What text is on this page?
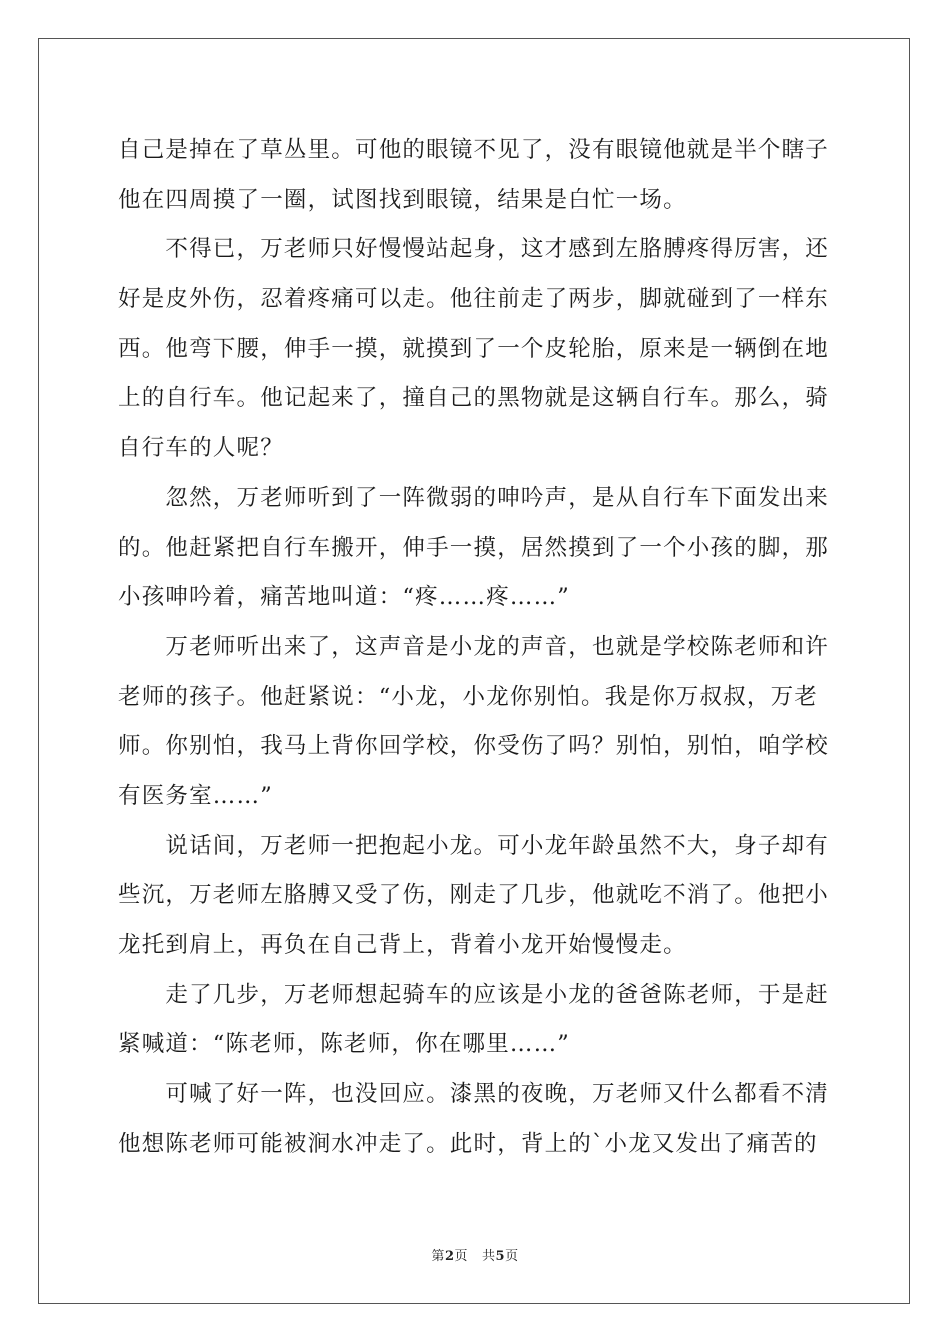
自己是掉在了草丛里。可他的眼镜不见了，没有眼镜他就是半个瞎子
他在四周摸了一圈，试图找到眼镜，结果是白忙一场。
　　不得已，万老师只好慢慢站起身，这才感到左胳膊疼得厉害，还
好是皮外伤，忍着疼痛可以走。他往前走了两步，脚就碰到了一样东
西。他弯下腰，伸手一摸，就摸到了一个皮轮胎，原来是一辆倒在地
上的自行车。他记起来了，撞自己的黑物就是这辆自行车。那么，骑
自行车的人呢？
　　忽然，万老师听到了一阵微弱的呻吟声，是从自行车下面发出来
的。他赶紧把自行车搬开，伸手一摸，居然摸到了一个小孩的脚，那
小孩呻吟着，痛苦地叫道：“疼……疼……”
　　万老师听出来了，这声音是小龙的声音，也就是学校陈老师和许
老师的孩子。他赶紧说：“小龙，小龙你别怕。我是你万叔叔，万老
师。你别怕，我马上背你回学校，你受伤了吗？别怕，别怕，咱学校
有医务室……”
　　说话间，万老师一把抱起小龙。可小龙年龄虽然不大，身子却有
些沉，万老师左胳膊又受了伤，刚走了几步，他就吃不消了。他把小
龙托到肩上，再负在自己背上，背着小龙开始慢慢走。
　　走了几步，万老师想起骑车的应该是小龙的爸爸陈老师，于是赶
紧喊道：“陈老师，陈老师，你在哪里……”
　　可喊了好一阵，也没回应。漆黑的夜晚，万老师又什么都看不清
他想陈老师可能被涧水冲走了。此时，背上的`小龙又发出了痛苦的
第2页 共5页
